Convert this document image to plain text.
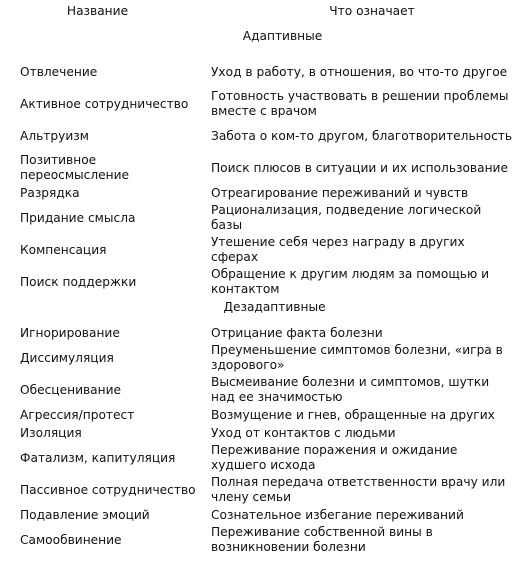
Название	Что означает
Адаптивные	
Отвлечение	Уход в работу, в отношения, во что-то другое
Активное сотрудничество	Готовность участвовать в решении проблемы вместе с врачом
Альтруизм	Забота о ком-то другом, благотворительность
Позитивное переосмысление	Поиск плюсов в ситуации и их использование
Разрядка	Отреагирование переживаний и чувств
Придание смысла	Рационализация, подведение логической базы
Компенсация	Утешение себя через награду в других сферах
Поиск поддержки	Обращение к другим людям за помощью и контактом
Дезадаптивные	
Игнорирование	Отрицание факта болезни
Диссимуляция	Преуменьшение симптомов болезни, «игра в здорового»
Обесценивание	Высмеивание болезни и симптомов, шутки над ее значимостью
Агрессия/протест	Возмущение и гнев, обращенные на других
Изоляция	Уход от контактов с людьми
Фатализм, капитуляция	Переживание поражения и ожидание худшего исхода
Пассивное сотрудничество	Полная передача ответственности врачу или члену семьи
Подавление эмоций	Сознательное избегание переживаний
Самообвинение	Переживание собственной вины в возникновении болезни
